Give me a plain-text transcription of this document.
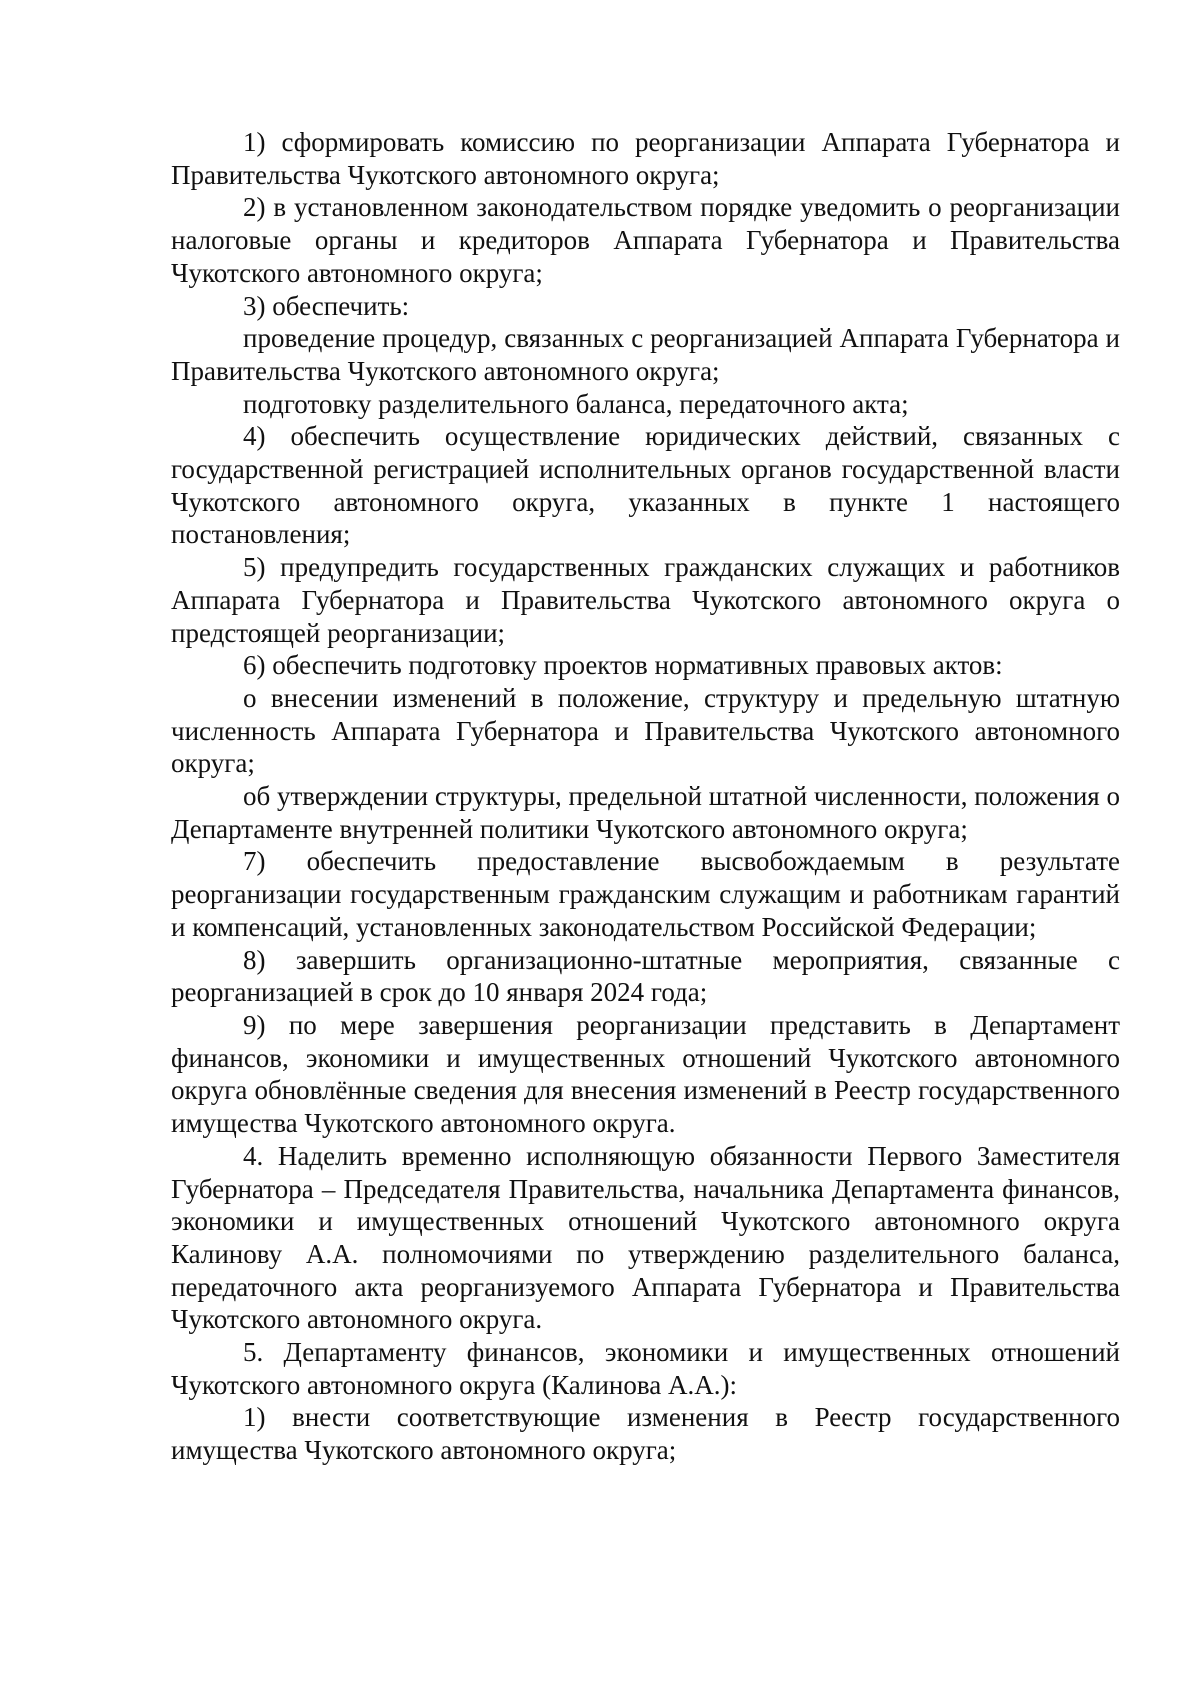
1) сформировать комиссию по реорганизации Аппарата Губернатора и Правительства Чукотского автономного округа;

2) в установленном законодательством порядке уведомить о реорганизации налоговые органы и кредиторов Аппарата Губернатора и Правительства Чукотского автономного округа;

3) обеспечить:

проведение процедур, связанных с реорганизацией Аппарата Губернатора и Правительства Чукотского автономного округа;

подготовку разделительного баланса, передаточного акта;

4) обеспечить осуществление юридических действий, связанных с государственной регистрацией исполнительных органов государственной власти Чукотского автономного округа, указанных в пункте 1 настоящего постановления;

5) предупредить государственных гражданских служащих и работников Аппарата Губернатора и Правительства Чукотского автономного округа о предстоящей реорганизации;

6) обеспечить подготовку проектов нормативных правовых актов:

о внесении изменений в положение, структуру и предельную штатную численность Аппарата Губернатора и Правительства Чукотского автономного округа;

об утверждении структуры, предельной штатной численности, положения о Департаменте внутренней политики Чукотского автономного округа;

7) обеспечить предоставление высвобождаемым в результате реорганизации государственным гражданским служащим и работникам гарантий и компенсаций, установленных законодательством Российской Федерации;

8) завершить организационно-штатные мероприятия, связанные с реорганизацией в срок до 10 января 2024 года;

9) по мере завершения реорганизации представить в Департамент финансов, экономики и имущественных отношений Чукотского автономного округа обновлённые сведения для внесения изменений в Реестр государственного имущества Чукотского автономного округа.

4. Наделить временно исполняющую обязанности Первого Заместителя Губернатора – Председателя Правительства, начальника Департамента финансов, экономики и имущественных отношений Чукотского автономного округа Калинову А.А. полномочиями по утверждению разделительного баланса, передаточного акта реорганизуемого Аппарата Губернатора и Правительства Чукотского автономного округа.

5. Департаменту финансов, экономики и имущественных отношений Чукотского автономного округа (Калинова А.А.):

1) внести соответствующие изменения в Реестр государственного имущества Чукотского автономного округа;
